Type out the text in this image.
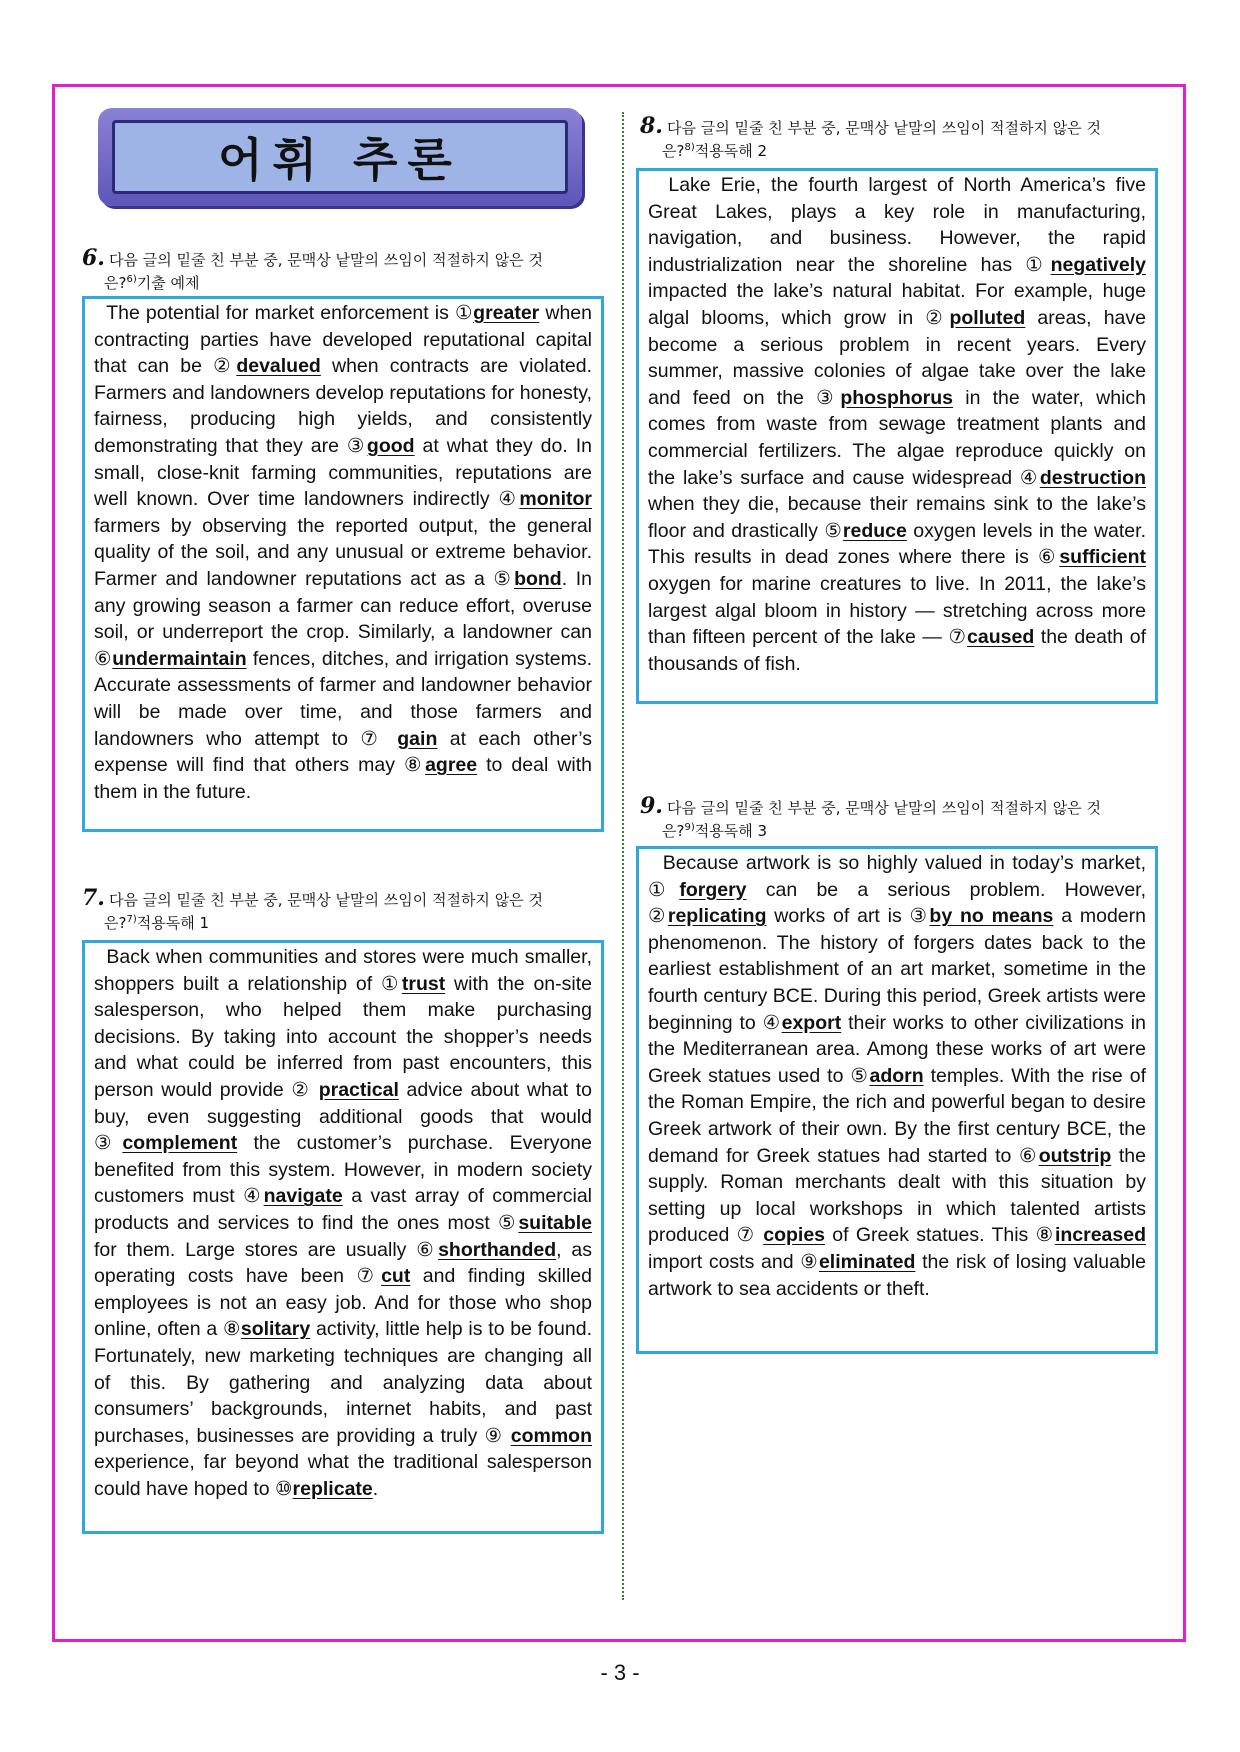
어휘 추론
6. 다음 글의 밑줄 친 부분 중, 문맥상 낱말의 쓰임이 적절하지 않은 것
은?$^{6)}$기출 예제
The potential for market enforcement is ①greater when contracting parties have developed reputational capital that can be ②devalued when contracts are violated. Farmers and landowners develop reputations for honesty, fairness, producing high yields, and consistently demonstrating that they are ③good at what they do. In small, close-knit farming communities, reputations are well known. Over time landowners indirectly ④monitor farmers by observing the reported output, the general quality of the soil, and any unusual or extreme behavior. Farmer and landowner reputations act as a ⑤bond. In any growing season a farmer can reduce effort, overuse soil, or underreport the crop. Similarly, a landowner can ⑥undermaintain fences, ditches, and irrigation systems. Accurate assessments of farmer and landowner behavior will be made over time, and those farmers and landowners who attempt to ⑦ gain at each other’s expense will find that others may ⑧agree to deal with them in the future.
7. 다음 글의 밑줄 친 부분 중, 문맥상 낱말의 쓰임이 적절하지 않은 것
은?$^{7)}$적용독해 1
Back when communities and stores were much smaller, shoppers built a relationship of ①trust with the on-site salesperson, who helped them make purchasing decisions. By taking into account the shopper’s needs and what could be inferred from past encounters, this person would provide ② practical advice about what to buy, even suggesting additional goods that would ③complement the customer’s purchase. Everyone benefited from this system. However, in modern society customers must ④navigate a vast array of commercial products and services to find the ones most ⑤suitable for them. Large stores are usually ⑥shorthanded, as operating costs have been ⑦cut and finding skilled employees is not an easy job. And for those who shop online, often a ⑧solitary activity, little help is to be found. Fortunately, new marketing techniques are changing all of this. By gathering and analyzing data about consumers’ backgrounds, internet habits, and past purchases, businesses are providing a truly ⑨ common experience, far beyond what the traditional salesperson could have hoped to ⑩replicate.
8. 다음 글의 밑줄 친 부분 중, 문맥상 낱말의 쓰임이 적절하지 않은 것
은?$^{8)}$적용독해 2
Lake Erie, the fourth largest of North America’s five Great Lakes, plays a key role in manufacturing, navigation, and business. However, the rapid industrialization near the shoreline has ①negatively impacted the lake’s natural habitat. For example, huge algal blooms, which grow in ②polluted areas, have become a serious problem in recent years. Every summer, massive colonies of algae take over the lake and feed on the ③phosphorus in the water, which comes from waste from sewage treatment plants and commercial fertilizers. The algae reproduce quickly on the lake’s surface and cause widespread ④destruction when they die, because their remains sink to the lake’s floor and drastically ⑤reduce oxygen levels in the water. This results in dead zones where there is ⑥sufficient oxygen for marine creatures to live. In 2011, the lake’s largest algal bloom in history — stretching across more than fifteen percent of the lake — ⑦caused the death of thousands of fish.
9. 다음 글의 밑줄 친 부분 중, 문맥상 낱말의 쓰임이 적절하지 않은 것
은?$^{9)}$적용독해 3
Because artwork is so highly valued in today’s market, ①forgery can be a serious problem. However, ②replicating works of art is ③by no means a modern phenomenon. The history of forgers dates back to the earliest establishment of an art market, sometime in the fourth century BCE. During this period, Greek artists were beginning to ④export their works to other civilizations in the Mediterranean area. Among these works of art were Greek statues used to ⑤adorn temples. With the rise of the Roman Empire, the rich and powerful began to desire Greek artwork of their own. By the first century BCE, the demand for Greek statues had started to ⑥outstrip the supply. Roman merchants dealt with this situation by setting up local workshops in which talented artists produced ⑦ copies of Greek statues. This ⑧increased import costs and ⑨eliminated the risk of losing valuable artwork to sea accidents or theft.
- 3 -
